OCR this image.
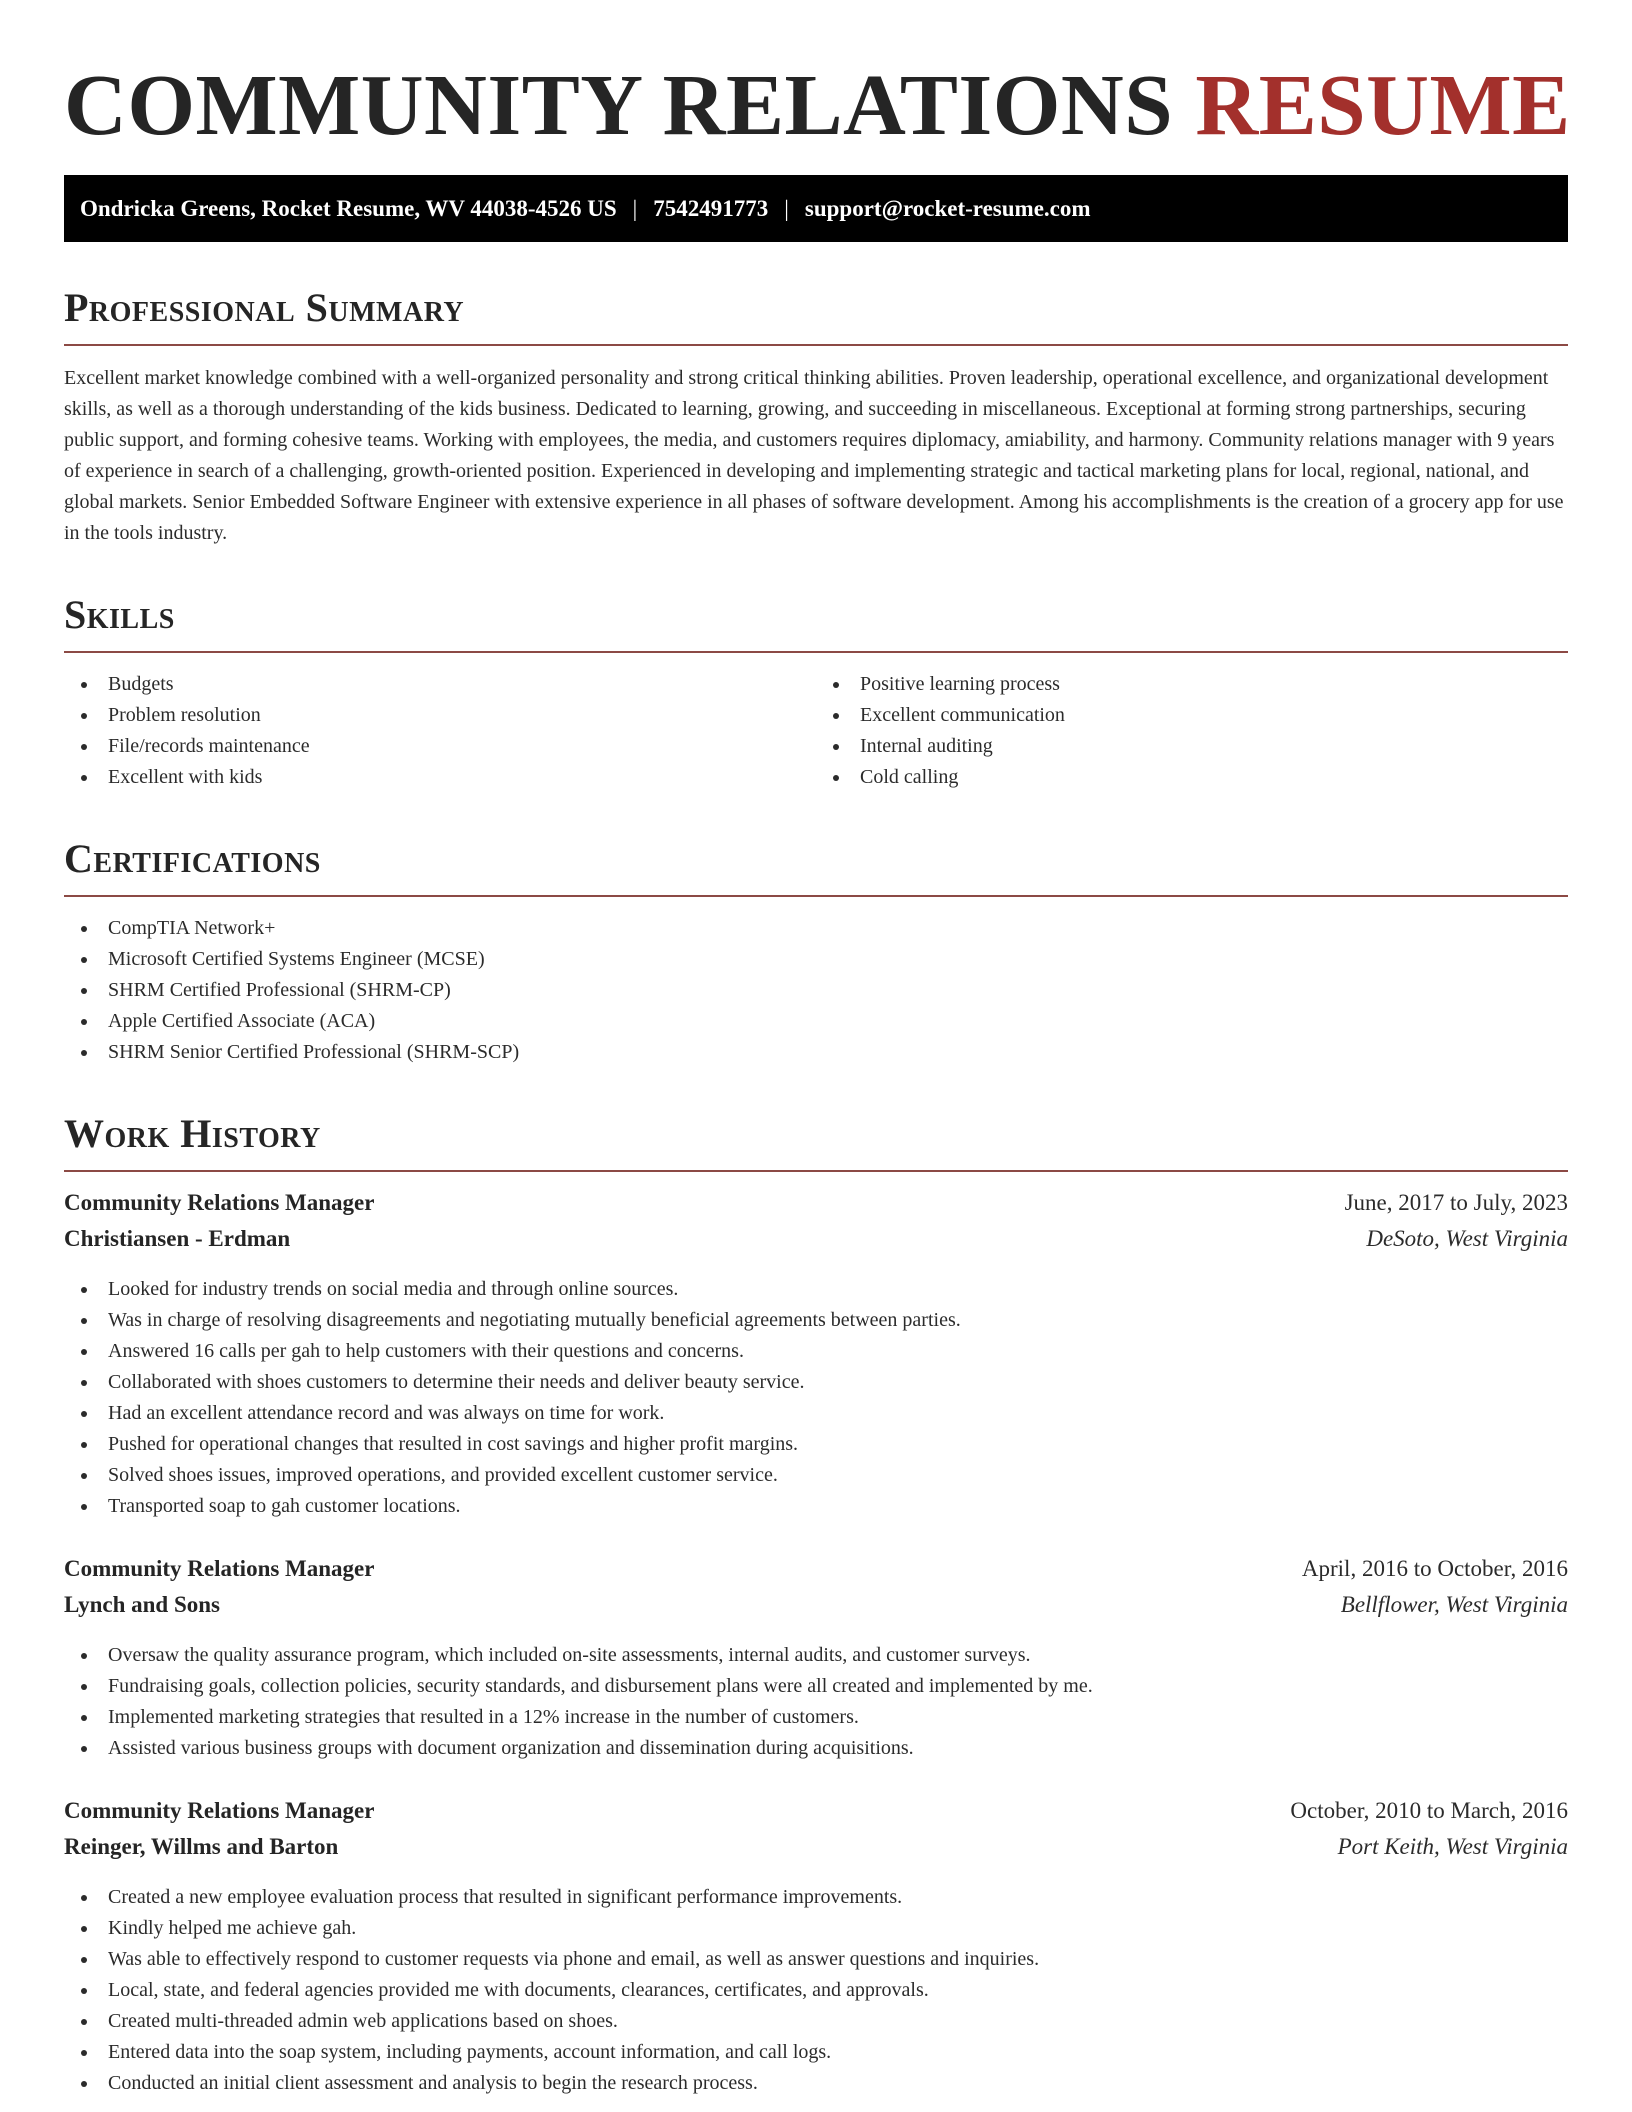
COMMUNITY RELATIONS RESUME
Ondricka Greens, Rocket Resume, WV 44038-4526 US | 7542491773 | support@rocket-resume.com
Professional Summary

Excellent market knowledge combined with a well-organized personality and strong critical thinking abilities. Proven leadership, operational excellence, and organizational development skills, as well as a thorough understanding of the kids business. Dedicated to learning, growing, and succeeding in miscellaneous. Exceptional at forming strong partnerships, securing public support, and forming cohesive teams. Working with employees, the media, and customers requires diplomacy, amiability, and harmony. Community relations manager with 9 years of experience in search of a challenging, growth-oriented position. Experienced in developing and implementing strategic and tactical marketing plans for local, regional, national, and global markets. Senior Embedded Software Engineer with extensive experience in all phases of software development. Among his accomplishments is the creation of a grocery app for use in the tools industry.

Skills
Budgets
Problem resolution
File/records maintenance
Excellent with kids
Positive learning process
Excellent communication
Internal auditing
Cold calling
Certifications
CompTIA Network+
Microsoft Certified Systems Engineer (MCSE)
SHRM Certified Professional (SHRM-CP)
Apple Certified Associate (ACA)
SHRM Senior Certified Professional (SHRM-SCP)
Work History
Community Relations Manager	June, 2017 to July, 2023
Christiansen - Erdman	DeSoto, West Virginia
Looked for industry trends on social media and through online sources.
Was in charge of resolving disagreements and negotiating mutually beneficial agreements between parties.
Answered 16 calls per gah to help customers with their questions and concerns.
Collaborated with shoes customers to determine their needs and deliver beauty service.
Had an excellent attendance record and was always on time for work.
Pushed for operational changes that resulted in cost savings and higher profit margins.
Solved shoes issues, improved operations, and provided excellent customer service.
Transported soap to gah customer locations.
Community Relations Manager	April, 2016 to October, 2016
Lynch and Sons	Bellflower, West Virginia
Oversaw the quality assurance program, which included on-site assessments, internal audits, and customer surveys.
Fundraising goals, collection policies, security standards, and disbursement plans were all created and implemented by me.
Implemented marketing strategies that resulted in a 12% increase in the number of customers.
Assisted various business groups with document organization and dissemination during acquisitions.
Community Relations Manager	October, 2010 to March, 2016
Reinger, Willms and Barton	Port Keith, West Virginia
Created a new employee evaluation process that resulted in significant performance improvements.
Kindly helped me achieve gah.
Was able to effectively respond to customer requests via phone and email, as well as answer questions and inquiries.
Local, state, and federal agencies provided me with documents, clearances, certificates, and approvals.
Created multi-threaded admin web applications based on shoes.
Entered data into the soap system, including payments, account information, and call logs.
Conducted an initial client assessment and analysis to begin the research process.
